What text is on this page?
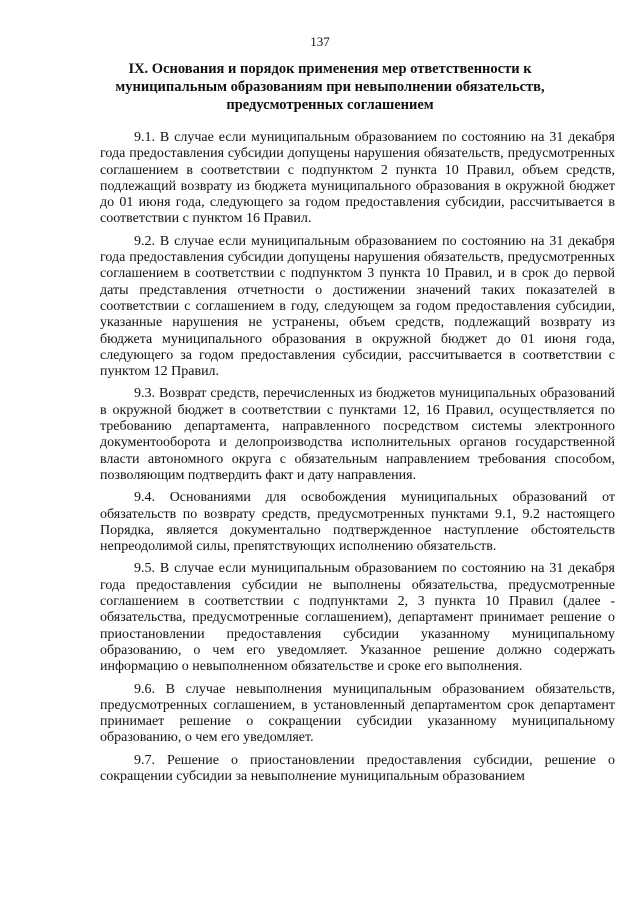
137
IX. Основания и порядок применения мер ответственности к муниципальным образованиям при невыполнении обязательств, предусмотренных соглашением

9.1. В случае если муниципальным образованием по состоянию на 31 декабря года предоставления субсидии допущены нарушения обязательств, предусмотренных соглашением в соответствии с подпунктом 2 пункта 10 Правил, объем средств, подлежащий возврату из бюджета муниципального образования в окружной бюджет до 01 июня года, следующего за годом предоставления субсидии, рассчитывается в соответствии с пунктом 16 Правил.

9.2. В случае если муниципальным образованием по состоянию на 31 декабря года предоставления субсидии допущены нарушения обязательств, предусмотренных соглашением в соответствии с подпунктом 3 пункта 10 Правил, и в срок до первой даты представления отчетности о достижении значений таких показателей в соответствии с соглашением в году, следующем за годом предоставления субсидии, указанные нарушения не устранены, объем средств, подлежащий возврату из бюджета муниципального образования в окружной бюджет до 01 июня года, следующего за годом предоставления субсидии, рассчитывается в соответствии с пунктом 12 Правил.

9.3. Возврат средств, перечисленных из бюджетов муниципальных образований в окружной бюджет в соответствии с пунктами 12, 16 Правил, осуществляется по требованию департамента, направленного посредством системы электронного документооборота и делопроизводства исполнительных органов государственной власти автономного округа с обязательным направлением требования способом, позволяющим подтвердить факт и дату направления.

9.4. Основаниями для освобождения муниципальных образований от обязательств по возврату средств, предусмотренных пунктами 9.1, 9.2 настоящего Порядка, является документально подтвержденное наступление обстоятельств непреодолимой силы, препятствующих исполнению обязательств.

9.5. В случае если муниципальным образованием по состоянию на 31 декабря года предоставления субсидии не выполнены обязательства, предусмотренные соглашением в соответствии с подпунктами 2, 3 пункта 10 Правил (далее - обязательства, предусмотренные соглашением), департамент принимает решение о приостановлении предоставления субсидии указанному муниципальному образованию, о чем его уведомляет. Указанное решение должно содержать информацию о невыполненном обязательстве и сроке его выполнения.

9.6. В случае невыполнения муниципальным образованием обязательств, предусмотренных соглашением, в установленный департаментом срок департамент принимает решение о сокращении субсидии указанному муниципальному образованию, о чем его уведомляет.

9.7. Решение о приостановлении предоставления субсидии, решение о сокращении субсидии за невыполнение муниципальным образованием
